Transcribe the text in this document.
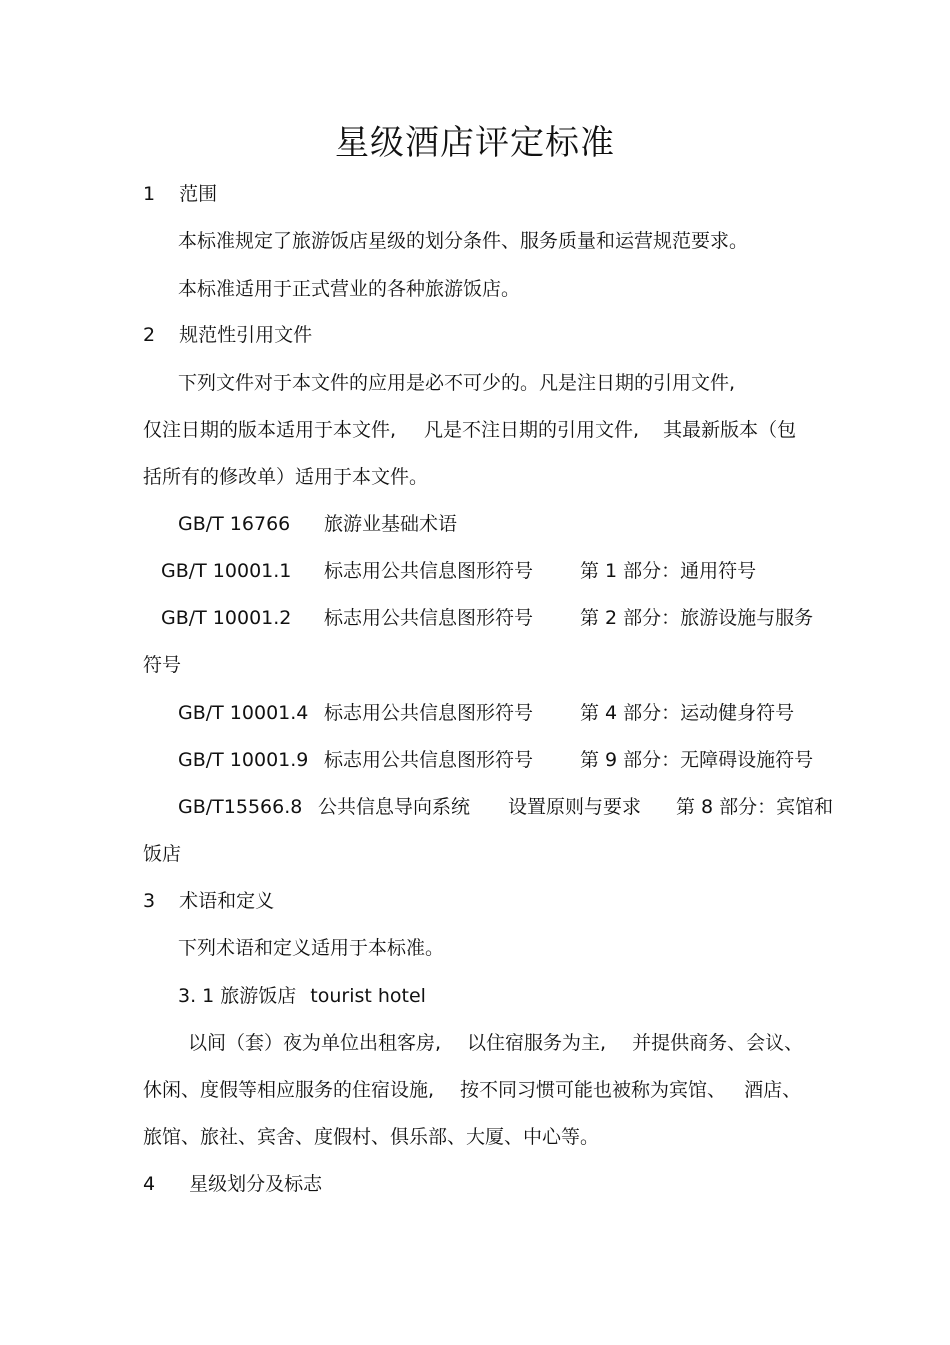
星级酒店评定标准
1 范围
本标准规定了旅游饭店星级的划分条件、服务质量和运营规范要求。
本标准适用于正式营业的各种旅游饭店。
2 规范性引用文件
下列文件对于本文件的应用是必不可少的。凡是注日期的引用文件,
仅注日期的版本适用于本文件, 凡是不注日期的引用文件, 其最新版本（包
括所有的修改单）适用于本文件。
GB/T 16766 旅游业基础术语
GB/T 10001.1 标志用公共信息图形符号 第 1 部分：通用符号
GB/T 10001.2 标志用公共信息图形符号 第 2 部分：旅游设施与服务
符号
GB/T 10001.4 标志用公共信息图形符号 第 4 部分：运动健身符号
GB/T 10001.9 标志用公共信息图形符号 第 9 部分：无障碍设施符号
GB/T15566.8 公共信息导向系统 设置原则与要求 第 8 部分：宾馆和
饭店
3 术语和定义
下列术语和定义适用于本标准。
3. 1 旅游饭店 tourist hotel
以间（套）夜为单位出租客房, 以住宿服务为主, 并提供商务、会议、
休闲、度假等相应服务的住宿设施, 按不同习惯可能也被称为宾馆、 酒店、
旅馆、旅社、宾舍、度假村、俱乐部、大厦、中心等。
4 星级划分及标志
